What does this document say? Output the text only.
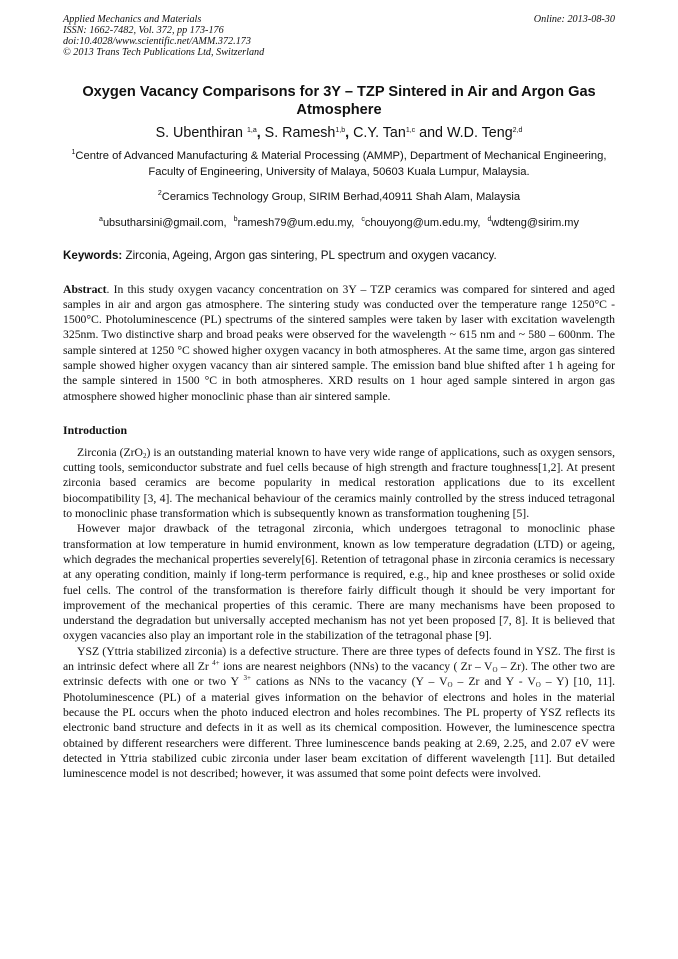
Applied Mechanics and Materials
ISSN: 1662-7482, Vol. 372, pp 173-176
doi:10.4028/www.scientific.net/AMM.372.173
© 2013 Trans Tech Publications Ltd, Switzerland
Online: 2013-08-30
Oxygen Vacancy Comparisons for 3Y – TZP Sintered in Air and Argon Gas Atmosphere
S. Ubenthiran $^{1,a}$, S. Ramesh$^{1,b}$, C.Y. Tan$^{1,c}$ and W.D. Teng$^{2,d}$
$^1$Centre of Advanced Manufacturing & Material Processing (AMMP), Department of Mechanical Engineering, Faculty of Engineering, University of Malaya, 50603 Kuala Lumpur, Malaysia.
$^2$Ceramics Technology Group, SIRIM Berhad,40911 Shah Alam, Malaysia
$^a$ubsutharsini@gmail.com, $^b$ramesh79@um.edu.my, $^c$chouyong@um.edu.my, $^d$wdteng@sirim.my
Keywords: Zirconia, Ageing, Argon gas sintering, PL spectrum and oxygen vacancy.
Abstract. In this study oxygen vacancy concentration on 3Y – TZP ceramics was compared for sintered and aged samples in air and argon gas atmosphere. The sintering study was conducted over the temperature range 1250°C - 1500°C. Photoluminescence (PL) spectrums of the sintered samples were taken by laser with excitation wavelength 325nm. Two distinctive sharp and broad peaks were observed for the wavelength ~ 615 nm and ~ 580 – 600nm. The sample sintered at 1250 °C showed higher oxygen vacancy in both atmospheres. At the same time, argon gas sintered sample showed higher oxygen vacancy than air sintered sample. The emission band blue shifted after 1 h ageing for the sample sintered in 1500 °C in both atmospheres. XRD results on 1 hour aged sample sintered in argon gas atmosphere showed higher monoclinic phase than air sintered sample.
Introduction

Zirconia (ZrO$_2$) is an outstanding material known to have very wide range of applications, such as oxygen sensors, cutting tools, semiconductor substrate and fuel cells because of high strength and fracture toughness[1,2]. At present zirconia based ceramics are become popularity in medical restoration applications due to its excellent biocompatibility [3, 4]. The mechanical behaviour of the ceramics mainly controlled by the stress induced tetragonal to monoclinic phase transformation which is subsequently known as transformation toughening [5].

However major drawback of the tetragonal zirconia, which undergoes tetragonal to monoclinic phase transformation at low temperature in humid environment, known as low temperature degradation (LTD) or ageing, which degrades the mechanical properties severely[6]. Retention of tetragonal phase in zirconia ceramics is necessary at any operating condition, mainly if long-term performance is required, e.g., hip and knee prostheses or solid oxide fuel cells. The control of the transformation is therefore fairly difficult though it should be very important for improvement of the mechanical properties of this ceramic. There are many mechanisms have been proposed to understand the degradation but universally accepted mechanism has not yet been proposed [7, 8]. It is believed that oxygen vacancies also play an important role in the stabilization of the tetragonal phase [9].

YSZ (Yttria stabilized zirconia) is a defective structure. There are three types of defects found in YSZ. The first is an intrinsic defect where all Zr $^{4+}$ ions are nearest neighbors (NNs) to the vacancy ( Zr – $V_O - Zr$). The other two are extrinsic defects with one or two Y $^{3+}$ cations as NNs to the vacancy ($Y - V_O$ – Zr and Y - $V_O - Y$) [10, 11]. Photoluminescence (PL) of a material gives information on the behavior of electrons and holes in the material because the PL occurs when the photo induced electron and holes recombines. The PL property of YSZ reflects its electronic band structure and defects in it as well as its chemical composition. However, the luminescence spectra obtained by different researchers were different. Three luminescence bands peaking at 2.69, 2.25, and 2.07 eV were detected in Yttria stabilized cubic zirconia under laser beam excitation of different wavelength [11]. But detailed luminescence model is not described; however, it was assumed that some point defects were involved.
